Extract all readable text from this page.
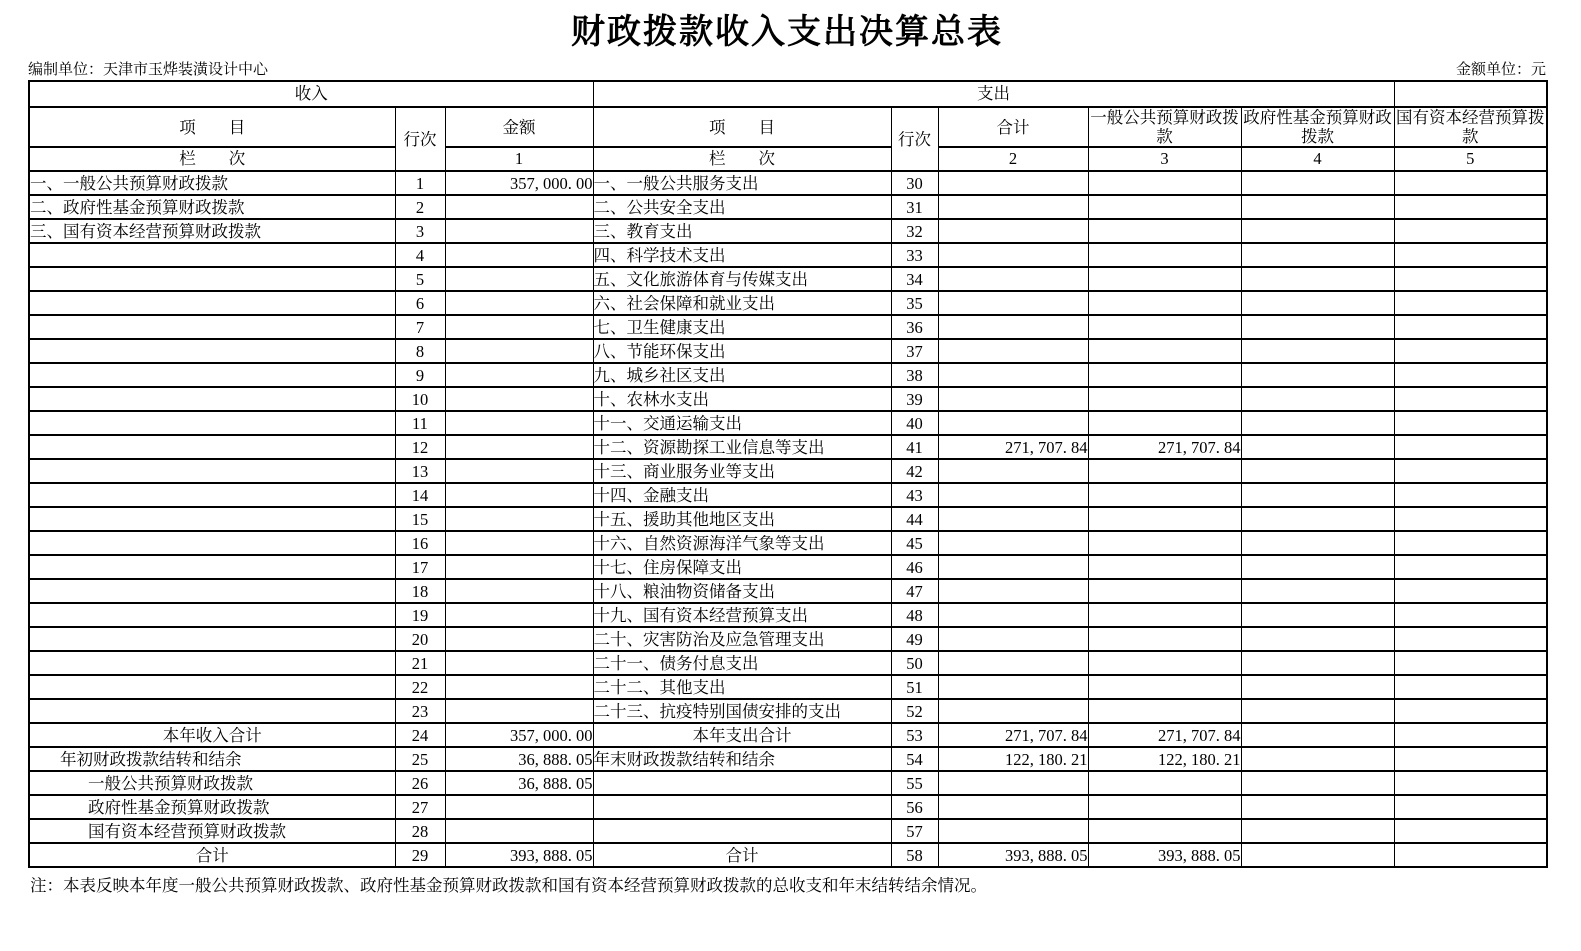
财政拨款收入支出决算总表
编制单位：天津市玉烨装潢设计中心	金额单位：元
收入			支出					
项　　目	行次	金额	项　　目	行次	合计	一般公共预算财政拨款	政府性基金预算财政拨款	国有资本经营预算拨款
栏　　次		1	栏　　次		2	3	4	5
一、一般公共预算财政拨款	1	357, 000. 00	一、一般公共服务支出	30				
二、政府性基金预算财政拨款	2		二、公共安全支出	31				
三、国有资本经营预算财政拨款	3		三、教育支出	32				
	4		四、科学技术支出	33				
	5		五、文化旅游体育与传媒支出	34				
	6		六、社会保障和就业支出	35				
	7		七、卫生健康支出	36				
	8		八、节能环保支出	37				
	9		九、城乡社区支出	38				
	10		十、农林水支出	39				
	11		十一、交通运输支出	40				
	12		十二、资源勘探工业信息等支出	41	271, 707. 84	271, 707. 84		
	13		十三、商业服务业等支出	42				
	14		十四、金融支出	43				
	15		十五、援助其他地区支出	44				
	16		十六、自然资源海洋气象等支出	45				
	17		十七、住房保障支出	46				
	18		十八、粮油物资储备支出	47				
	19		十九、国有资本经营预算支出	48				
	20		二十、灾害防治及应急管理支出	49				
	21		二十一、债务付息支出	50				
	22		二十二、其他支出	51				
	23		二十三、抗疫特别国债安排的支出	52				
本年收入合计	24	357, 000. 00	本年支出合计	53	271, 707. 84	271, 707. 84		
年初财政拨款结转和结余	25	36, 888. 05	年末财政拨款结转和结余	54	122, 180. 21	122, 180. 21		
一般公共预算财政拨款	26	36, 888. 05		55				
政府性基金预算财政拨款	27			56				
国有资本经营预算财政拨款	28			57				
合计	29	393, 888. 05	合计	58	393, 888. 05	393, 888. 05		
注：本表反映本年度一般公共预算财政拨款、政府性基金预算财政拨款和国有资本经营预算财政拨款的总收支和年末结转结余情况。
